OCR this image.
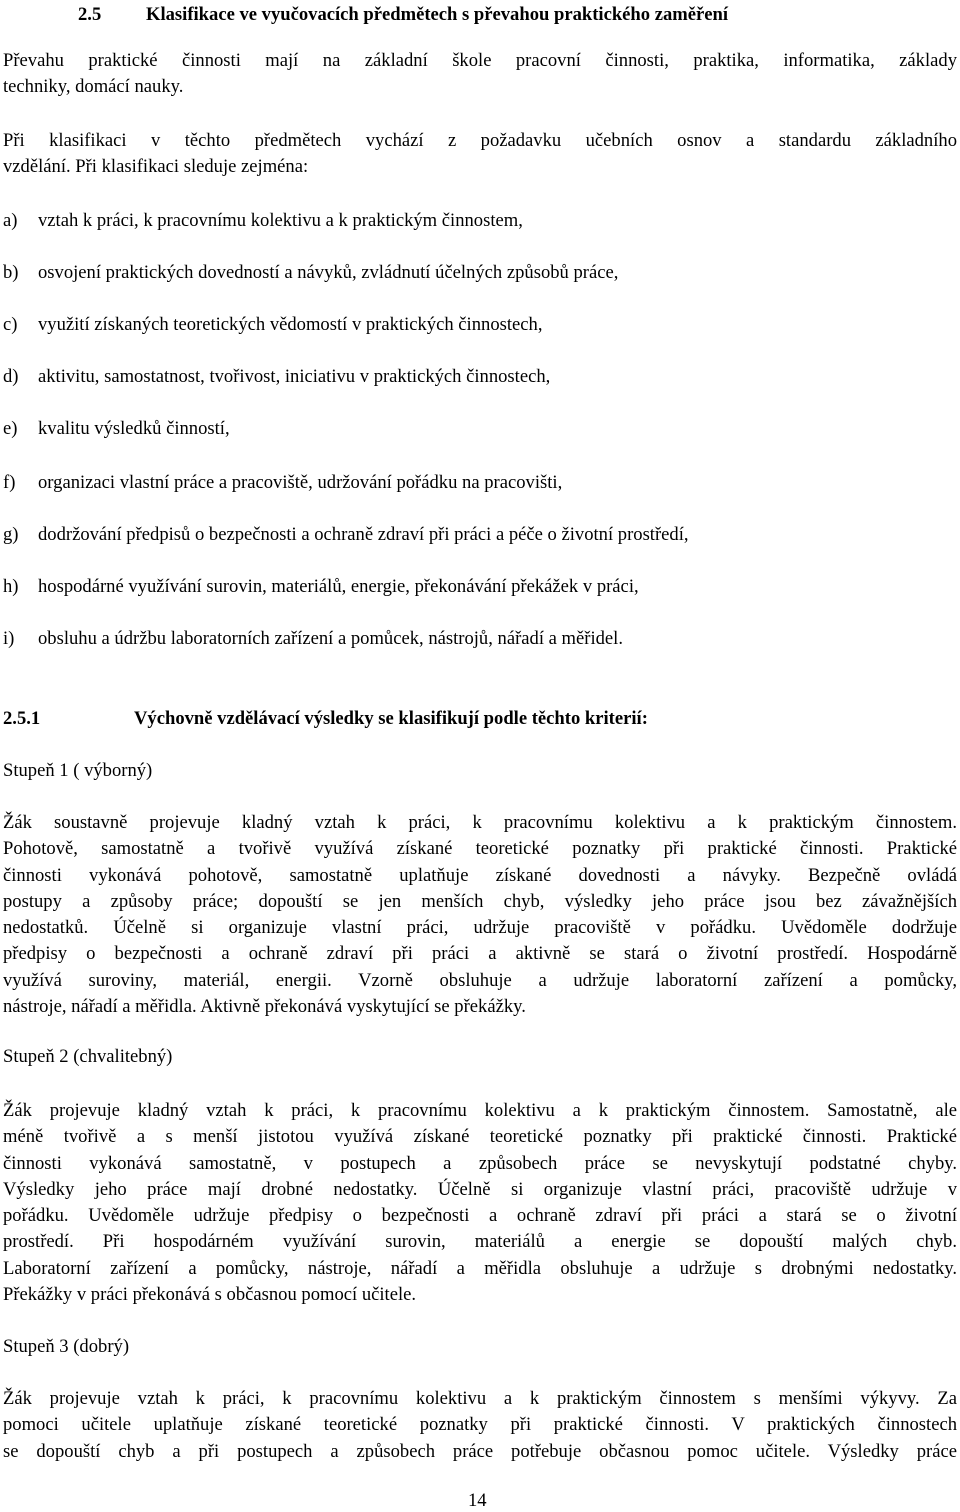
2.5 Klasifikace ve vyučovacích předmětech s převahou praktického zaměření
Převahu praktické činnosti mají na základní škole pracovní činnosti, praktika, informatika, základy
techniky, domácí nauky.
Při klasifikaci v těchto předmětech vychází z požadavku učebních osnov a standardu základního
vzdělání. Při klasifikaci sleduje zejména:
a) vztah k práci, k pracovnímu kolektivu a k praktickým činnostem,
b) osvojení praktických dovedností a návyků, zvládnutí účelných způsobů práce,
c) využití získaných teoretických vědomostí v praktických činnostech,
d) aktivitu, samostatnost, tvořivost, iniciativu v praktických činnostech,
e) kvalitu výsledků činností,
f) organizaci vlastní práce a pracoviště, udržování pořádku na pracovišti,
g) dodržování předpisů o bezpečnosti a ochraně zdraví při práci a péče o životní prostředí,
h) hospodárné využívání surovin, materiálů, energie, překonávání překážek v práci,
i) obsluhu a údržbu laboratorních zařízení a pomůcek, nástrojů, nářadí a měřidel.
2.5.1	Výchovně vzdělávací výsledky se klasifikují podle těchto kriterií:
Stupeň 1 ( výborný)
Žák soustavně projevuje kladný vztah k práci, k pracovnímu kolektivu a k praktickým činnostem.
Pohotově, samostatně a tvořivě využívá získané teoretické poznatky při praktické činnosti. Praktické
činnosti vykonává pohotově, samostatně uplatňuje získané dovednosti a návyky. Bezpečně ovládá
postupy a způsoby práce; dopouští se jen menších chyb, výsledky jeho práce jsou bez závažnějších
nedostatků. Účelně si organizuje vlastní práci, udržuje pracoviště v pořádku. Uvědoměle dodržuje
předpisy o bezpečnosti a ochraně zdraví při práci a aktivně se stará o životní prostředí. Hospodárně
využívá suroviny, materiál, energii. Vzorně obsluhuje a udržuje laboratorní zařízení a pomůcky,
nástroje, nářadí a měřidla. Aktivně překonává vyskytující se překážky.
Stupeň 2 (chvalitebný)
Žák projevuje kladný vztah k práci, k pracovnímu kolektivu a k praktickým činnostem. Samostatně, ale
méně tvořivě a s menší jistotou využívá získané teoretické poznatky při praktické činnosti. Praktické
činnosti vykonává samostatně, v postupech a způsobech práce se nevyskytují podstatné chyby.
Výsledky jeho práce mají drobné nedostatky. Účelně si organizuje vlastní práci, pracoviště udržuje v
pořádku. Uvědoměle udržuje předpisy o bezpečnosti a ochraně zdraví při práci a stará se o životní
prostředí. Při hospodárném využívání surovin, materiálů a energie se dopouští malých chyb.
Laboratorní zařízení a pomůcky, nástroje, nářadí a měřidla obsluhuje a udržuje s drobnými nedostatky.
Překážky v práci překonává s občasnou pomocí učitele.
Stupeň 3 (dobrý)
Žák projevuje vztah k práci, k pracovnímu kolektivu a k praktickým činnostem s menšími výkyvy. Za
pomoci učitele uplatňuje získané teoretické poznatky při praktické činnosti. V praktických činnostech
se dopouští chyb a při postupech a způsobech práce potřebuje občasnou pomoc učitele. Výsledky práce
14
